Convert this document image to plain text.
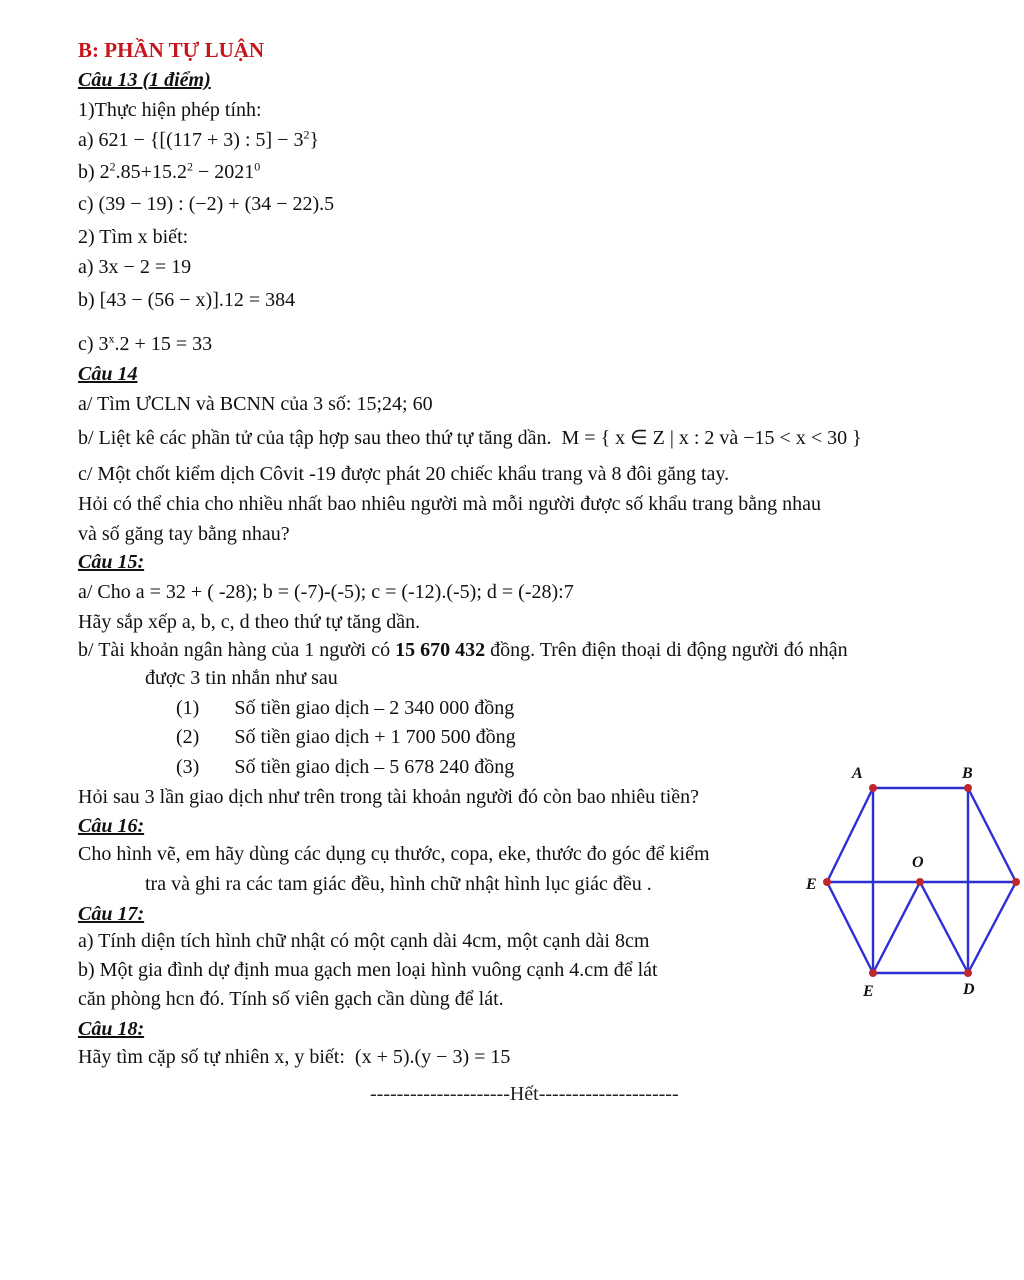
B: PHẦN TỰ LUẬN
Câu 13 (1 điểm)
1)Thực hiện phép tính:
a) 621 − {[(117 + 3) : $5] - 3^2$}
b) $2^2.85+15.2^2 - 2021^0$
c) (39 − 19) : (−2) + (34 − 22).5
2) Tìm x biết:
a) 3x − 2 = 19
b) [43 − (56 − x)].12 = 384
c) $3^x.2 + 15 = 33$
Câu 14
a/ Tìm ƯCLN và BCNN của 3 số: 15;24; 60
b/ Liệt kê các phần tử của tập hợp sau theo thứ tự tăng dần. M = { x ∈ Z | x : 2 và −15 < x < 30 }
c/ Một chốt kiểm dịch Côvit -19 được phát 20 chiếc khẩu trang và 8 đôi găng tay.
Hỏi có thể chia cho nhiều nhất bao nhiêu người mà mỗi người được số khẩu trang bằng nhau
và số găng tay bằng nhau?
Câu 15:
a/ Cho a = 32 + ( -28); b = (-7)-(-5); c = (-12).(-5); d = (-28):7
Hãy sắp xếp a, b, c, d theo thứ tự tăng dần.
b/ Tài khoản ngân hàng của 1 người có 15 670 432 đồng. Trên điện thoại di động người đó nhận
được 3 tin nhắn như sau
(1) Số tiền giao dịch – 2 340 000 đồng
(2) Số tiền giao dịch + 1 700 500 đồng
(3) Số tiền giao dịch – 5 678 240 đồng
Hỏi sau 3 lần giao dịch như trên trong tài khoản người đó còn bao nhiêu tiền?
Câu 16:
Cho hình vẽ, em hãy dùng các dụng cụ thước, copa, eke, thước đo góc để kiểm
tra và ghi ra các tam giác đều, hình chữ nhật hình lục giác đều .
Câu 17:
a) Tính diện tích hình chữ nhật có một cạnh dài 4cm, một cạnh dài 8cm
b) Một gia đình dự định mua gạch men loại hình vuông cạnh 4.cm để lát
căn phòng hcn đó. Tính số viên gạch cần dùng để lát.
Câu 18:
Hãy tìm cặp số tự nhiên x, y biết: (x + 5).(y − 3) = 15
---------------------Hết---------------------
A	B
O
E
E	D
